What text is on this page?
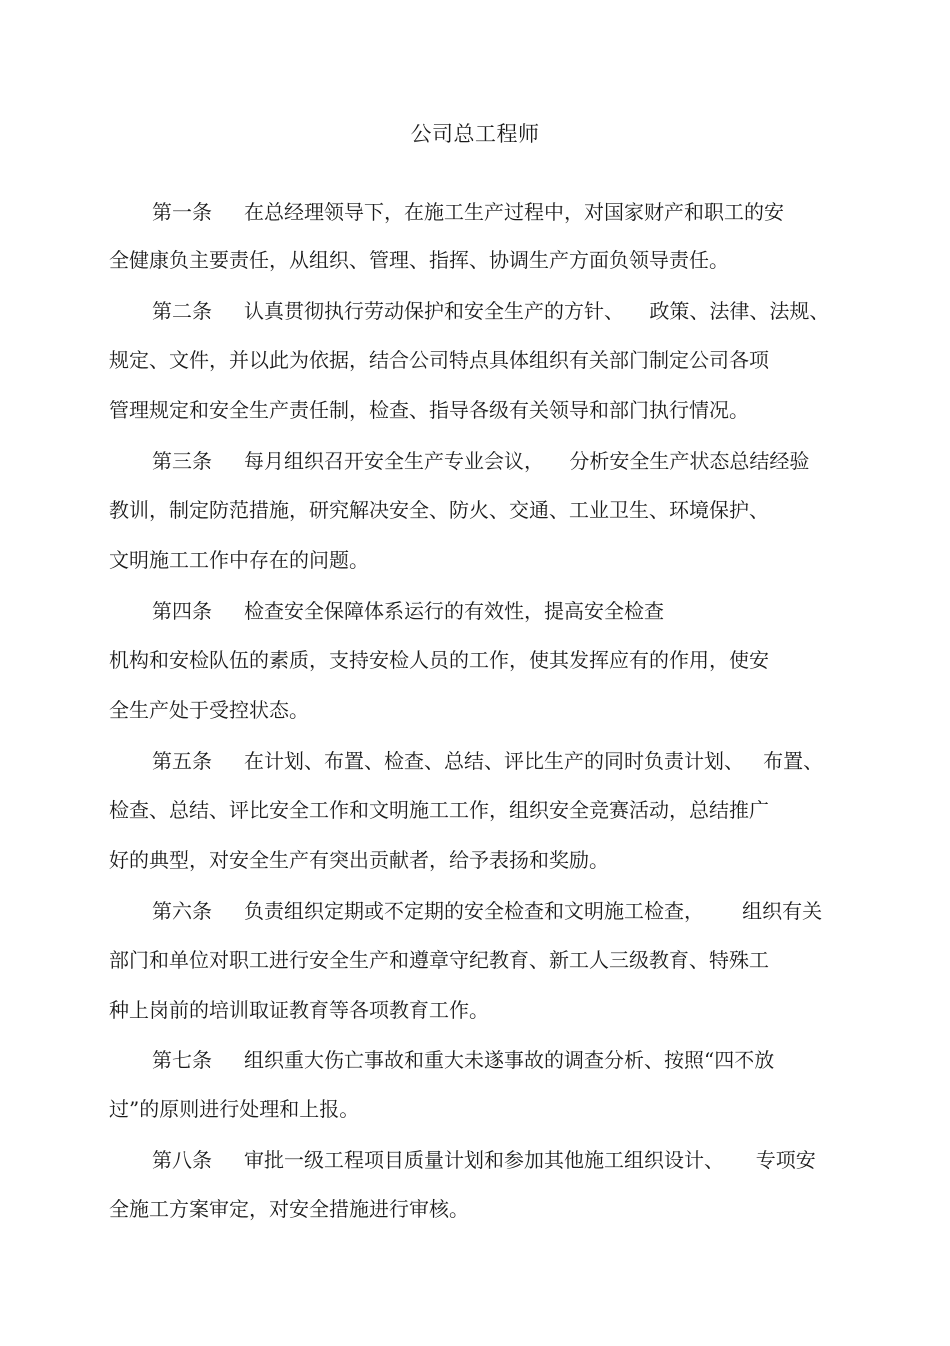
公司总工程师
第一条 在总经理领导下，在施工生产过程中，对国家财产和职工的安
全健康负主要责任，从组织、管理、指挥、协调生产方面负领导责任。
第二条 认真贯彻执行劳动保护和安全生产的方针、    政策、法律、法规、
规定、文件，并以此为依据，结合公司特点具体组织有关部门制定公司各项
管理规定和安全生产责任制，检查、指导各级有关领导和部门执行情况。
第三条 每月组织召开安全生产专业会议，    分析安全生产状态总结经验
教训，制定防范措施，研究解决安全、防火、交通、工业卫生、环境保护、
文明施工工作中存在的问题。
第四条 检查安全保障体系运行的有效性，提高安全检查
机构和安检队伍的素质，支持安检人员的工作，使其发挥应有的作用，使安
全生产处于受控状态。
第五条 在计划、布置、检查、总结、评比生产的同时负责计划、   布置、
检查、总结、评比安全工作和文明施工工作，组织安全竞赛活动，总结推广
好的典型，对安全生产有突出贡献者，给予表扬和奖励。
第六条 负责组织定期或不定期的安全检查和文明施工检查，      组织有关
部门和单位对职工进行安全生产和遵章守纪教育、新工人三级教育、特殊工
种上岗前的培训取证教育等各项教育工作。
第七条 组织重大伤亡事故和重大未遂事故的调查分析、按照“四不放
过”的原则进行处理和上报。
第八条 审批一级工程项目质量计划和参加其他施工组织设计、     专项安
全施工方案审定，对安全措施进行审核。
